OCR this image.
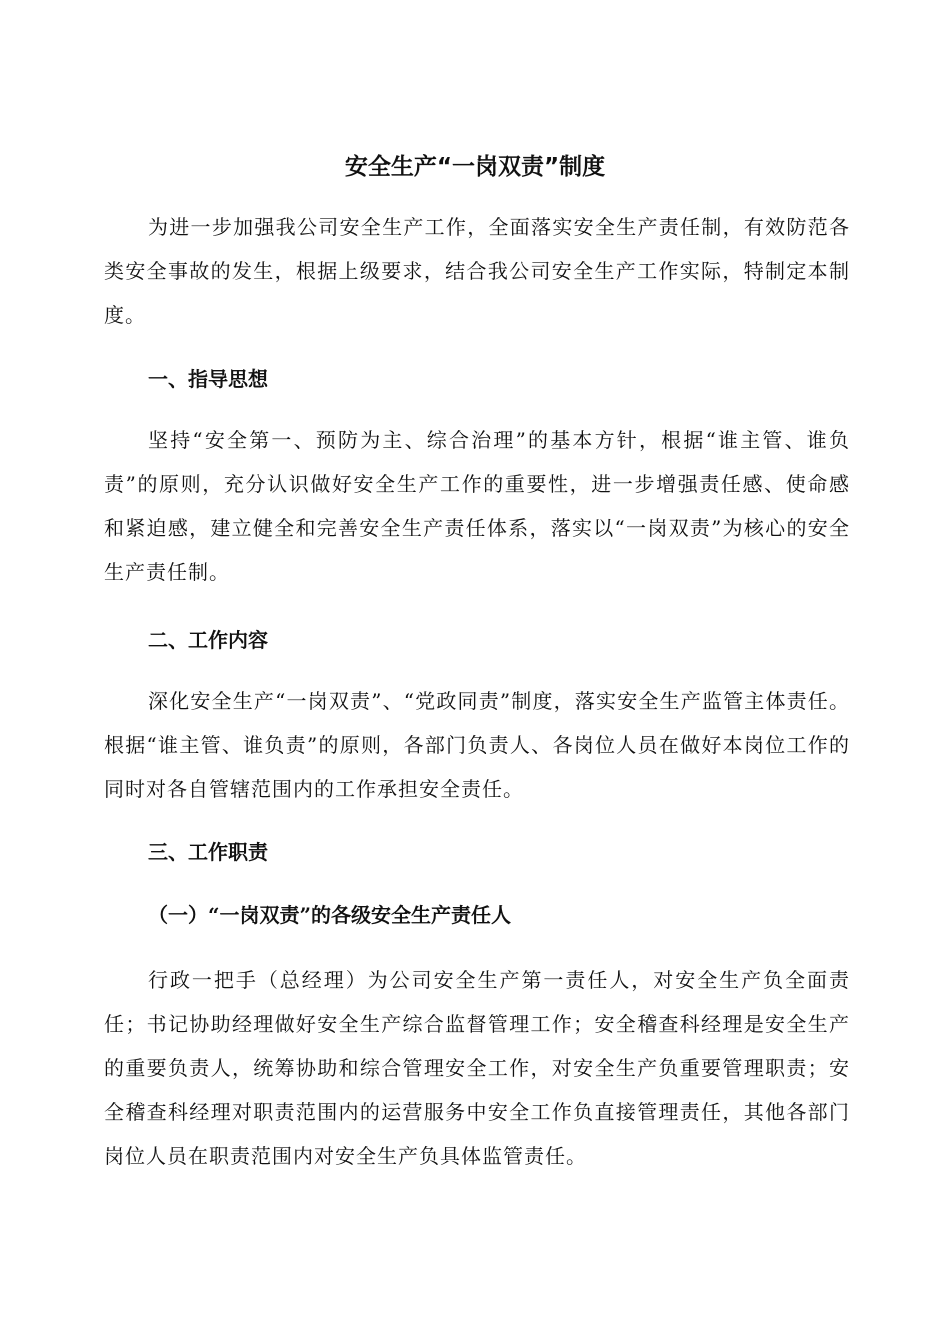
安全生产“一岗双责”制度

为进一步加强我公司安全生产工作，全面落实安全生产责任制，有效防范各类安全事故的发生，根据上级要求，结合我公司安全生产工作实际，特制定本制度。

一、指导思想

坚持“安全第一、预防为主、综合治理”的基本方针，根据“谁主管、谁负责”的原则，充分认识做好安全生产工作的重要性，进一步增强责任感、使命感和紧迫感，建立健全和完善安全生产责任体系，落实以“一岗双责”为核心的安全生产责任制。

二、工作内容

深化安全生产“一岗双责”、“党政同责”制度，落实安全生产监管主体责任。根据“谁主管、谁负责”的原则，各部门负责人、各岗位人员在做好本岗位工作的同时对各自管辖范围内的工作承担安全责任。

三、工作职责
（一）“一岗双责”的各级安全生产责任人

行政一把手（总经理）为公司安全生产第一责任人，对安全生产负全面责任；书记协助经理做好安全生产综合监督管理工作；安全稽查科经理是安全生产的重要负责人，统筹协助和综合管理安全工作，对安全生产负重要管理职责；安全稽查科经理对职责范围内的运营服务中安全工作负直接管理责任，其他各部门岗位人员在职责范围内对安全生产负具体监管责任。
